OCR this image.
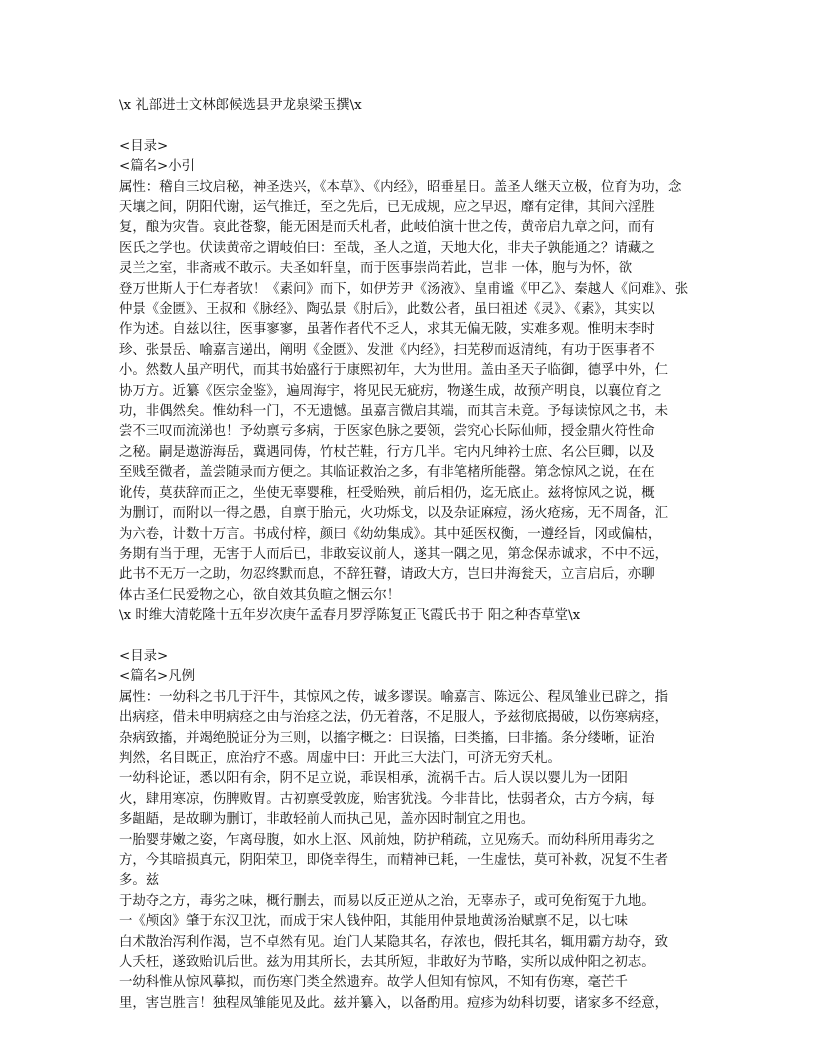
\x 礼部进士文林郎候选县尹龙泉梁玉撰\x
<目录>
<篇名>小引
属性：稽自三坟启秘，神圣迭兴，《本草》、《内经》，昭垂星日。盖圣人继天立极，位育为功，念
天壤之间，阴阳代谢，运气推迁，至之先后，已无成规，应之早迟，靡有定律，其间六淫胜
复，酿为灾眚。哀此苍黎，能无困是而夭札者，此岐伯演十世之传，黄帝启九章之问，而有
医氏之学也。伏读黄帝之谓岐伯曰：至哉，圣人之道，天地大化，非夫子孰能通之？请藏之
灵兰之室，非斋戒不敢示。夫圣如轩皇，而于医事崇尚若此，岂非 一体，胞与为怀，欲
登万世斯人于仁寿者欤！《素问》而下，如伊芳尹《汤液》、皇甫谧《甲乙》、秦越人《问难》、张
仲景《金匮》、王叔和《脉经》、陶弘景《肘后》，此数公者，虽曰祖述《灵》、《素》，其实以
作为述。自兹以往，医事寥寥，虽著作者代不乏人，求其无偏无陂，实难多观。惟明末李时
珍、张景岳、喻嘉言递出，阐明《金匮》、发泄《内经》，扫芜秽而返清纯，有功于医事者不
小。然数人虽产明代，而其书始盛行于康熙初年，大为世用。盖由圣天子临御，德孚中外，仁
协万方。近纂《医宗金鉴》，遍周海宇，将见民无疵疠，物遂生成，故预产明良，以襄位育之
功，非偶然矣。惟幼科一门，不无遗憾。虽嘉言微启其端，而其言未竟。予每读惊风之书，未
尝不三叹而流涕也！予幼禀亏多病，于医家色脉之要领，尝究心长际仙师，授金鼎火符性命
之秘。嗣是遨游海岳，冀遇同俦，竹杖芒鞋，行方几半。宅内凡绅衿士庶、名公巨卿，以及
至贱至微者，盖尝随录而方便之。其临证救治之多，有非笔楮所能罄。第念惊风之说，在在
讹传，莫获辞而正之，坐使无辜婴稚，枉受贻殃，前后相仍，迄无底止。兹将惊风之说，概
为删订，而附以一得之愚，自禀于胎元，火功烁戈，以及杂证麻痘，汤火疮疡，无不周备，汇
为六卷，计数十万言。书成付梓，颜曰《幼幼集成》。其中延医权衡，一遵经旨，冈或偏枯，
务期有当于理，无害于人而后已，非敢妄议前人，遂其一隅之见，第念保赤诚求，不中不远，
此书不无万一之助，勿忍终默而息，不辞狂瞽，请政大方，岂曰井海瓮天，立言启后，亦聊
体古圣仁民爱物之心，欲自效其负暄之悃云尔！
\x 时维大清乾隆十五年岁次庚午孟春月罗浮陈复正飞霞氏书于 阳之种杏草堂\x
<目录>
<篇名>凡例
属性：一幼科之书几于汗牛，其惊风之传，诚多谬误。喻嘉言、陈远公、程凤雏业已辟之，指
出病痉，借未申明病痉之由与治痉之法，仍无着落，不足服人，予兹彻底揭破，以伤寒病痉，
杂病致搐，并竭绝脱证分为三则，以搐字概之：曰误搐，曰类搐，曰非搐。条分缕晰，证治
判然，名目既正，庶治疗不惑。周虚中曰：开此三大法门，可济无穷夭札。
一幼科论证，悉以阳有余，阴不足立说，乖误相承，流祸千古。后人误以婴儿为一团阳
火，肆用寒凉，伤脾败胃。古初禀受敦庞，贻害犹浅。今非昔比，怯弱者众，古方今病，每
多龃龉，是故聊为删订，非敢轻前人而执己见，盖亦因时制宜之用也。
一胎婴芽嫩之姿，乍离母腹，如水上沤、风前烛，防护稍疏，立见殇夭。而幼科所用毒劣之
方，今其暗损真元，阴阳荣卫，即侥幸得生，而精神已耗，一生虚怯，莫可补救，况复不生者
多。兹
于劫夺之方，毒劣之味，概行删去，而易以反正逆从之治，无辜赤子，或可免衔冤于九地。
一《颅囟》肇于东汉卫沈，而成于宋人钱仲阳，其能用仲景地黄汤治赋禀不足，以七味
白术散治泻利作渴，岂不卓然有见。迨门人某隐其名，存浓也，假托其名，辄用霸方劫夺，致
人夭枉，遂致贻讥后世。兹为用其所长，去其所短，非敢好为节略，实所以成仲阳之初志。
一幼科惟从惊风摹拟，而伤寒门类全然遗弃。故学人但知有惊风，不知有伤寒，毫芒千
里，害岂胜言！独程凤雏能见及此。兹并纂入，以备酌用。痘疹为幼科切要，诸家多不经意，
